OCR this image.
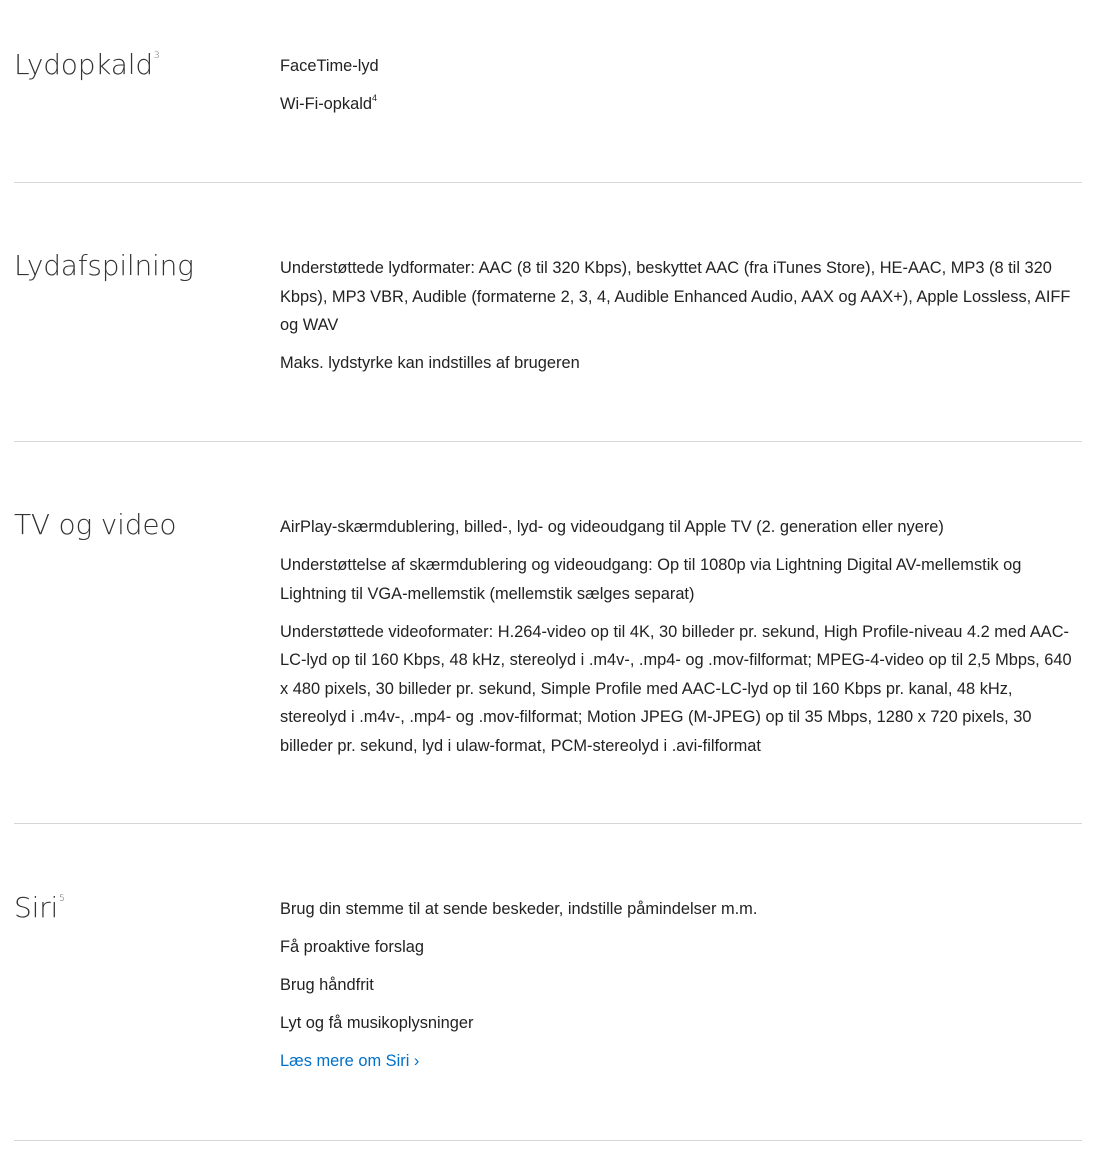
Lydopkald$^3$

FaceTime-lyd

Wi-Fi-opkald$^4$

Lydafspilning	Understøttede lydformater: AAC (8 til 320 Kbps), beskyttet AAC (fra iTunes Store), HE-AAC, MP3 (8 til 320 Kbps), MP3 VBR, Audible (formaterne 2, 3, 4, Audible Enhanced Audio, AAX og AAX+), Apple Lossless, AIFF og WAV

Maks. lydstyrke kan indstilles af brugeren

TV og video	AirPlay-skærmdublering, billed-, lyd- og videoudgang til Apple TV (2. generation eller nyere)

Understøttelse af skærmdublering og videoudgang: Op til 1080p via Lightning Digital AV-mellemstik og Lightning til VGA-mellemstik (mellemstik sælges separat)

Understøttede videoformater: H.264-video op til 4K, 30 billeder pr. sekund, High Profile-niveau 4.2 med AAC-LC-lyd op til 160 Kbps, 48 kHz, stereolyd i .m4v-, .mp4- og .mov-filformat; MPEG-4-video op til 2,5 Mbps, 640 x 480 pixels, 30 billeder pr. sekund, Simple Profile med AAC-LC-lyd op til 160 Kbps pr. kanal, 48 kHz, stereolyd i .m4v-, .mp4- og .mov-filformat; Motion JPEG (M-JPEG) op til 35 Mbps, 1280 x 720 pixels, 30 billeder pr. sekund, lyd i ulaw-format, PCM-stereolyd i .avi-filformat

Siri$^5$

Brug din stemme til at sende beskeder, indstille påmindelser m.m.

Få proaktive forslag

Brug håndfrit

Lyt og få musikoplysninger

Læs mere om Siri ›
